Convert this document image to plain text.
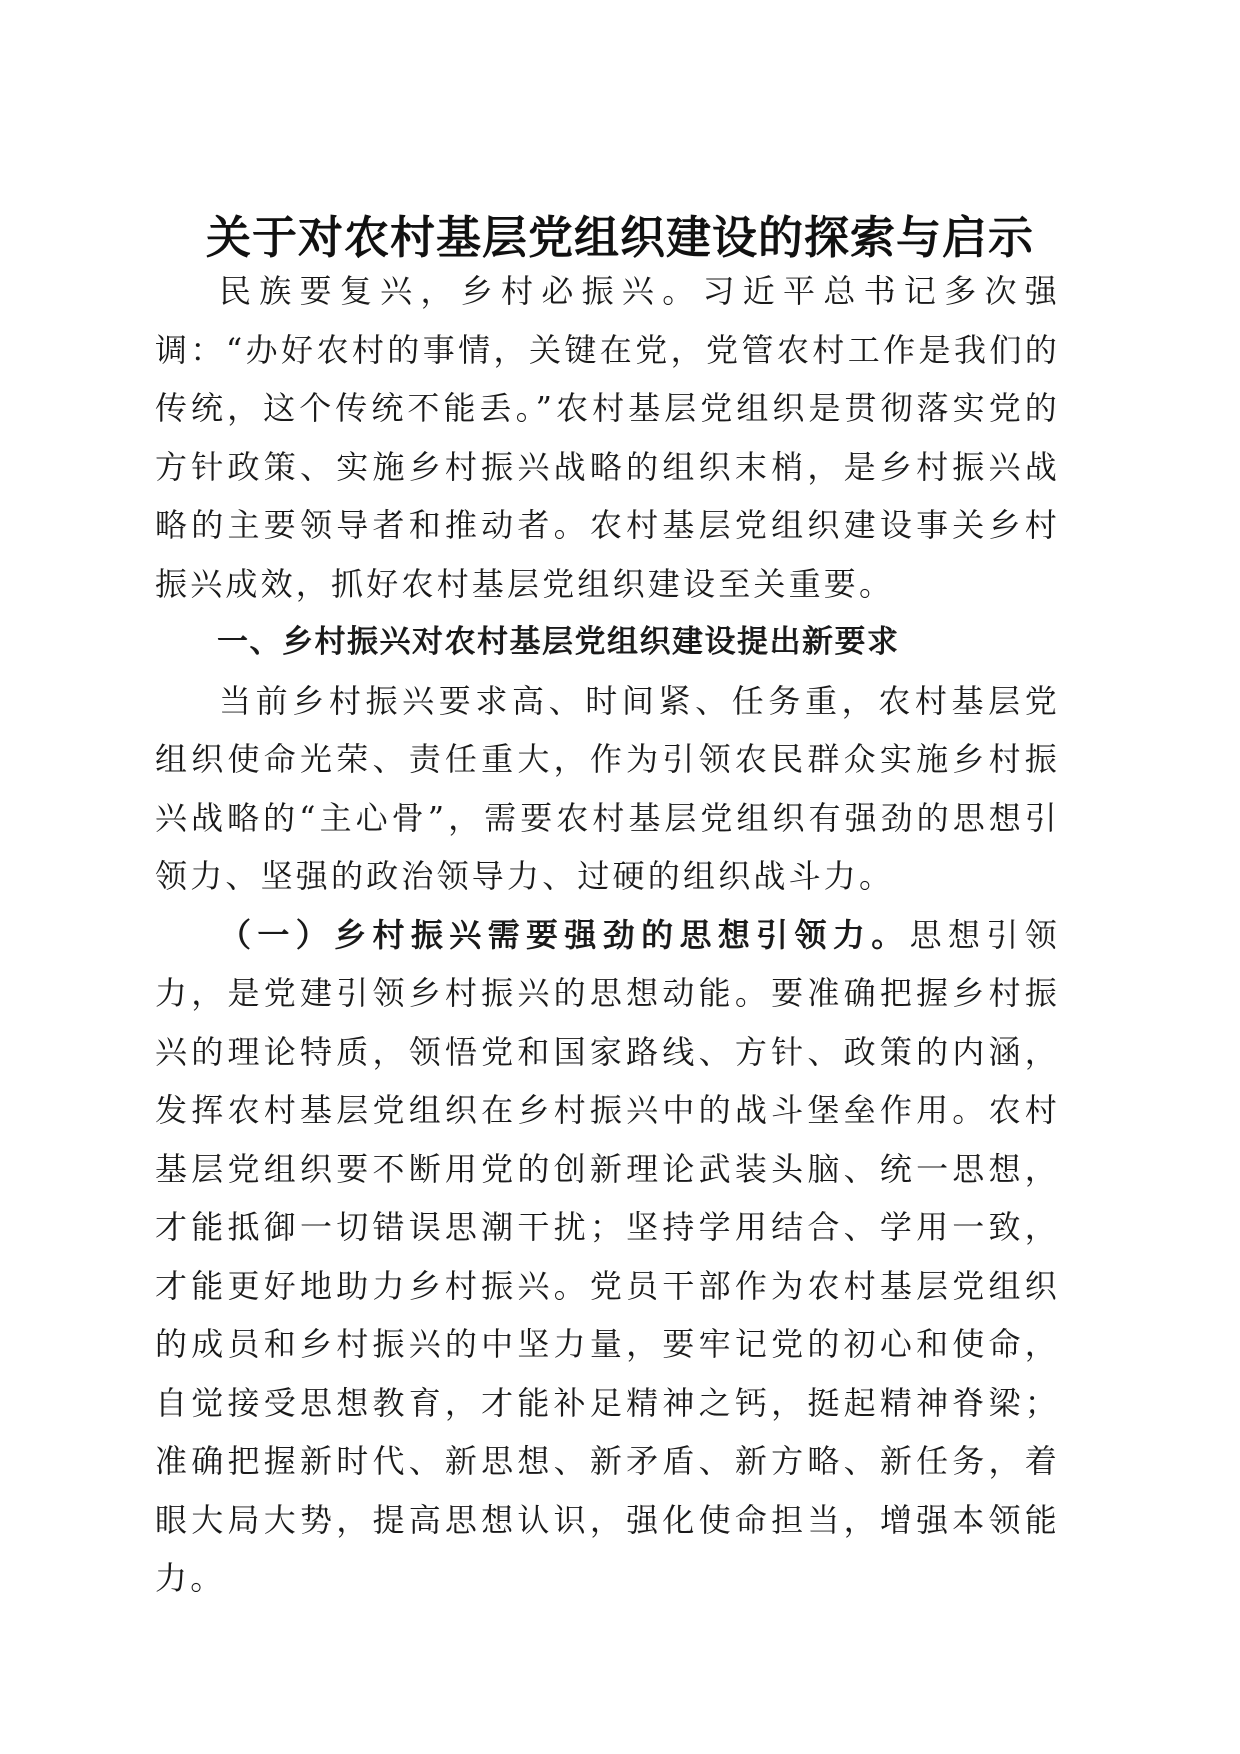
关于对农村基层党组织建设的探索与启示

民族要复兴，乡村必振兴。习近平总书记多次强调：“办好农村的事情，关键在党，党管农村工作是我们的传统，这个传统不能丢。”农村基层党组织是贯彻落实党的方针政策、实施乡村振兴战略的组织末梢，是乡村振兴战略的主要领导者和推动者。农村基层党组织建设事关乡村振兴成效，抓好农村基层党组织建设至关重要。

一、乡村振兴对农村基层党组织建设提出新要求

当前乡村振兴要求高、时间紧、任务重，农村基层党组织使命光荣、责任重大，作为引领农民群众实施乡村振兴战略的“主心骨”，需要农村基层党组织有强劲的思想引领力、坚强的政治领导力、过硬的组织战斗力。

（一）乡村振兴需要强劲的思想引领力。思想引领力，是党建引领乡村振兴的思想动能。要准确把握乡村振兴的理论特质，领悟党和国家路线、方针、政策的内涵，发挥农村基层党组织在乡村振兴中的战斗堡垒作用。农村基层党组织要不断用党的创新理论武装头脑、统一思想，才能抵御一切错误思潮干扰；坚持学用结合、学用一致，才能更好地助力乡村振兴。党员干部作为农村基层党组织的成员和乡村振兴的中坚力量，要牢记党的初心和使命，自觉接受思想教育，才能补足精神之钙，挺起精神脊梁；准确把握新时代、新思想、新矛盾、新方略、新任务，着眼大局大势，提高思想认识，强化使命担当，增强本领能力。
